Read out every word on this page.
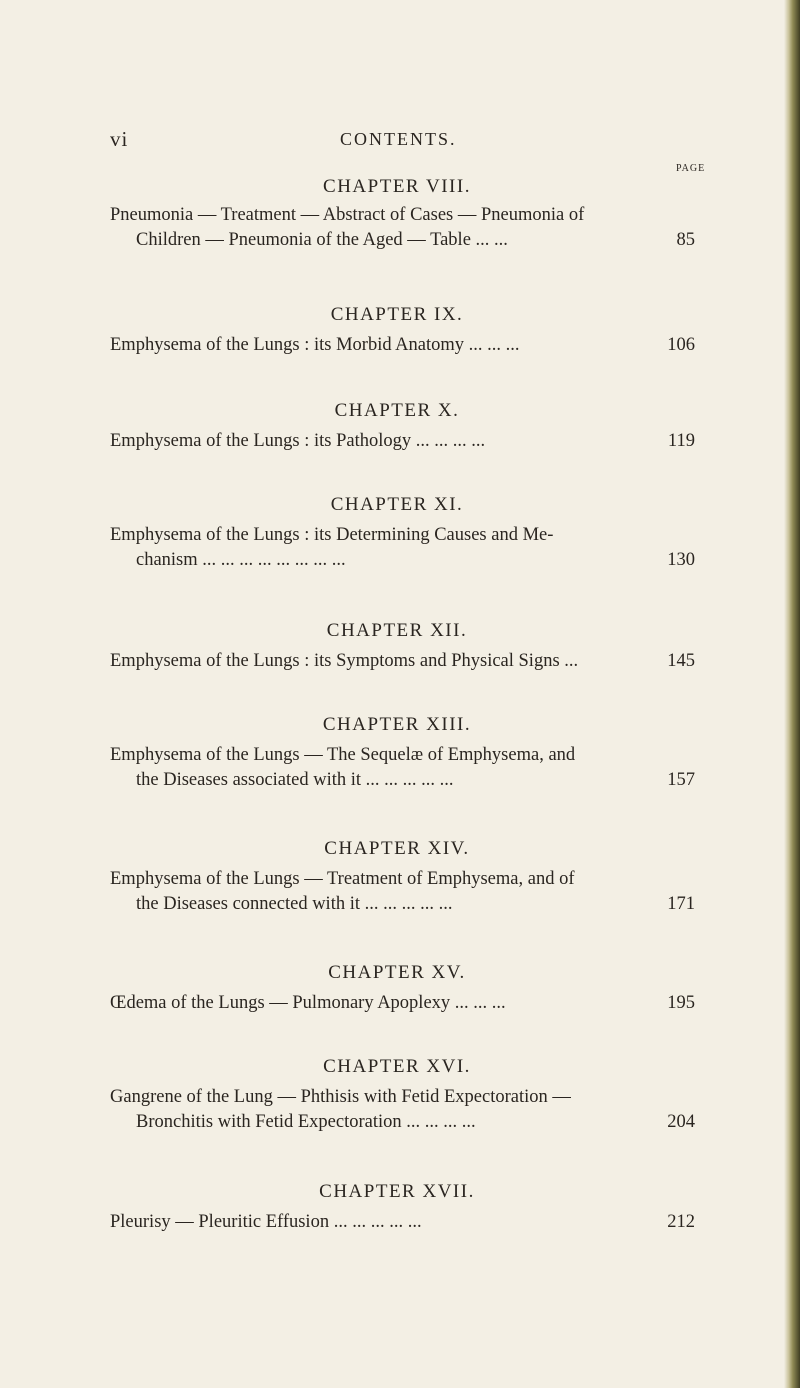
vi	CONTENTS.
PAGE
CHAPTER VIII.
Pneumonia — Treatment — Abstract of Cases — Pneumonia of
Children — Pneumonia of the Aged — Table ... ...	85
CHAPTER IX.
Emphysema of the Lungs : its Morbid Anatomy ... ... ...	106
CHAPTER X.
Emphysema of the Lungs : its Pathology ... ... ... ...	119
CHAPTER XI.
Emphysema of the Lungs : its Determining Causes and Me-
chanism ... ... ... ... ... ... ... ...	130
CHAPTER XII.
Emphysema of the Lungs : its Symptoms and Physical Signs ...	145
CHAPTER XIII.
Emphysema of the Lungs — The Sequelæ of Emphysema, and
the Diseases associated with it ... ... ... ... ...	157
CHAPTER XIV.
Emphysema of the Lungs — Treatment of Emphysema, and of
the Diseases connected with it ... ... ... ... ...	171
CHAPTER XV.
Œdema of the Lungs — Pulmonary Apoplexy ... ... ...	195
CHAPTER XVI.
Gangrene of the Lung — Phthisis with Fetid Expectoration —
Bronchitis with Fetid Expectoration ... ... ... ...	204
CHAPTER XVII.
Pleurisy — Pleuritic Effusion ... ... ... ... ...	212
